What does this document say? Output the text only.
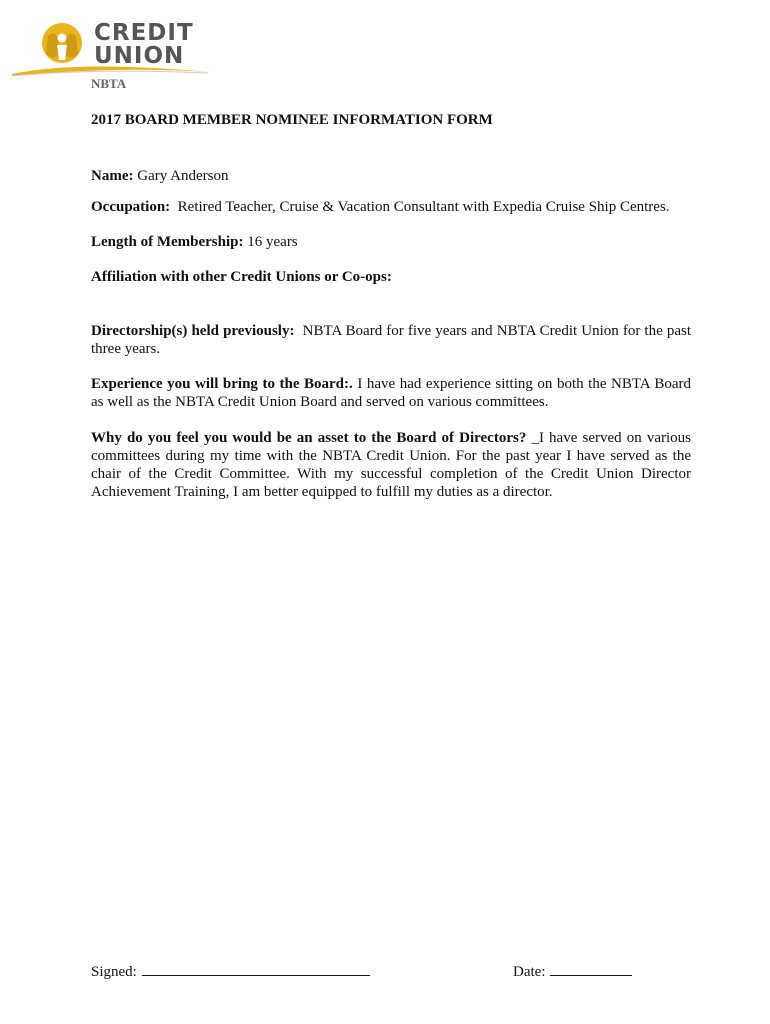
CREDIT
UNION
NBTA
2017 BOARD MEMBER NOMINEE INFORMATION FORM
Name: Gary Anderson
Occupation: Retired Teacher, Cruise & Vacation Consultant with Expedia Cruise Ship Centres.
Length of Membership: 16 years
Affiliation with other Credit Unions or Co-ops:
Directorship(s) held previously: NBTA Board for five years and NBTA Credit Union for the past three years.
Experience you will bring to the Board:. I have had experience sitting on both the NBTA Board as well as the NBTA Credit Union Board and served on various committees.
Why do you feel you would be an asset to the Board of Directors? _I have served on various committees during my time with the NBTA Credit Union. For the past year I have served as the chair of the Credit Committee. With my successful completion of the Credit Union Director Achievement Training, I am better equipped to fulfill my duties as a director.
Signed:	Date:
